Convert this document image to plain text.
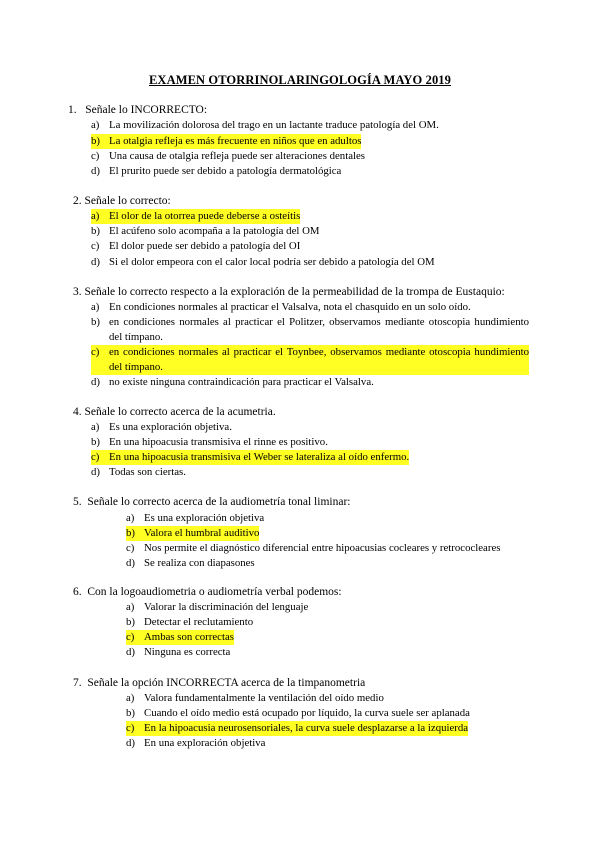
EXAMEN OTORRINOLARINGOLOGÍA MAYO 2019
1. Señale lo INCORRECTO:
a) La movilización dolorosa del trago en un lactante traduce patología del OM.
b) La otalgia refleja es más frecuente en niños que en adultos
c) Una causa de otalgia refleja puede ser alteraciones dentales
d) El prurito puede ser debido a patología dermatológica
2. Señale lo correcto:
a) El olor de la otorrea puede deberse a osteítis
b) El acúfeno solo acompaña a la patología del OM
c) El dolor puede ser debido a patología del OI
d) Si el dolor empeora con el calor local podría ser debido a patología del OM
3. Señale lo correcto respecto a la exploración de la permeabilidad de la trompa de Eustaquio:
a) En condiciones normales al practicar el Valsalva, nota el chasquido en un solo oído.
b) en condiciones normales al practicar el Politzer, observamos mediante otoscopia hundimiento del tímpano.
c) en condiciones normales al practicar el Toynbee, observamos mediante otoscopia hundimiento del tímpano.
d) no existe ninguna contraindicación para practicar el Valsalva.
4. Señale lo correcto acerca de la acumetria.
a) Es una exploración objetiva.
b) En una hipoacusia transmisiva el rinne es positivo.
c) En una hipoacusia transmisiva el Weber se lateraliza al oído enfermo.
d) Todas son ciertas.
5. Señale lo correcto acerca de la audiometría tonal liminar:
a) Es una exploración objetiva
b) Valora el humbral auditivo
c) Nos permite el diagnóstico diferencial entre hipoacusias cocleares y retrococleares
d) Se realiza con diapasones
6. Con la logoaudiometria o audiometría verbal podemos:
a) Valorar la discriminación del lenguaje
b) Detectar el reclutamiento
c) Ambas son correctas
d) Ninguna es correcta
7. Señale la opción INCORRECTA acerca de la timpanometria
a) Valora fundamentalmente la ventilación del oído medio
b) Cuando el oído medio está ocupado por líquido, la curva suele ser aplanada
c) En la hipoacusia neurosensoriales, la curva suele desplazarse a la izquierda
d) En una exploración objetiva
